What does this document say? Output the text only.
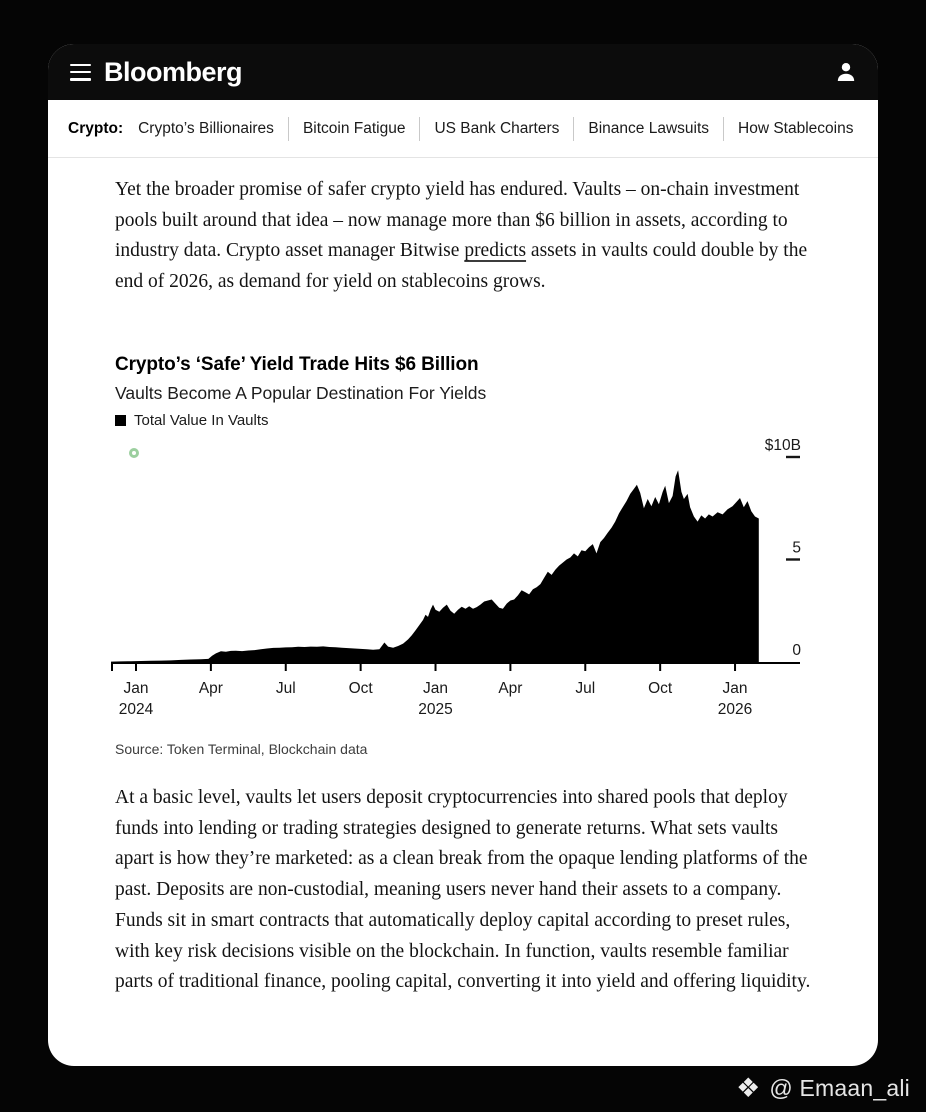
Bloomberg
Crypto: Crypto’s Billionaires Bitcoin Fatigue US Bank Charters Binance Lawsuits How Stablecoins

Yet the broader promise of safer crypto yield has endured. Vaults – on-chain investment pools built around that idea – now manage more than $6 billion in assets, according to industry data. Crypto asset manager Bitwise predicts assets in vaults could double by the end of 2026, as demand for yield on stablecoins grows.

Crypto’s ‘Safe’ Yield Trade Hits $6 Billion
Vaults Become A Popular Destination For Yields
Total Value In Vaults
Jan
2024
Apr	Jul	Oct	Jan
2025
Apr	Jul	Oct	Jan
2026
$10B
5
0
Source: Token Terminal, Blockchain data

At a basic level, vaults let users deposit cryptocurrencies into shared pools that deploy funds into lending or trading strategies designed to generate returns. What sets vaults apart is how they’re marketed: as a clean break from the opaque lending platforms of the past. Deposits are non-custodial, meaning users never hand their assets to a company. Funds sit in smart contracts that automatically deploy capital according to preset rules, with key risk decisions visible on the blockchain. In function, vaults resemble familiar parts of traditional finance, pooling capital, converting it into yield and offering liquidity.

❖ @ Emaan_ali
